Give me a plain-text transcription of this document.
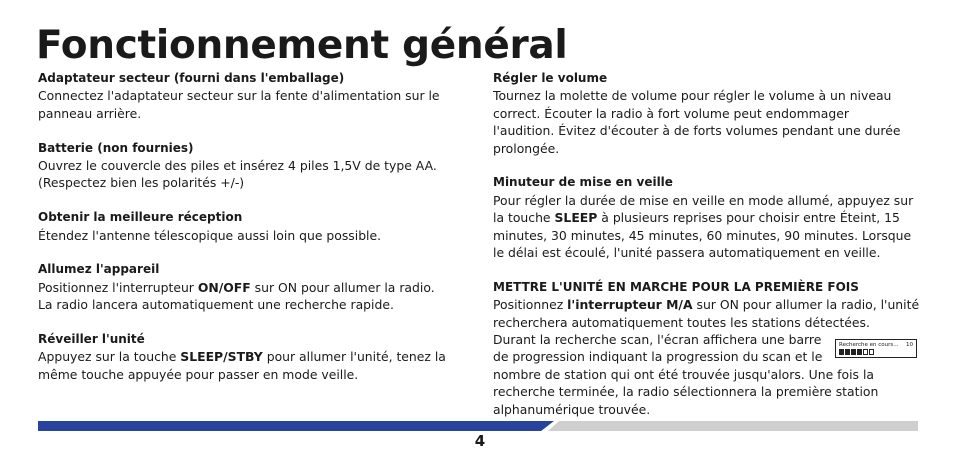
Fonctionnement général
Adaptateur secteur (fourni dans l'emballage)
Connectez l'adaptateur secteur sur la fente d'alimentation sur le
panneau arrière.
Batterie (non fournies)
Ouvrez le couvercle des piles et insérez 4 piles 1,5V de type AA.
(Respectez bien les polarités +/-)
Obtenir la meilleure réception
Étendez l'antenne télescopique aussi loin que possible.
Allumez l'appareil
Positionnez l'interrupteur ON/OFF sur ON pour allumer la radio.
La radio lancera automatiquement une recherche rapide.
Réveiller l'unité
Appuyez sur la touche SLEEP/STBY pour allumer l'unité, tenez la
même touche appuyée pour passer en mode veille.
Régler le volume
Tournez la molette de volume pour régler le volume à un niveau
correct. Écouter la radio à fort volume peut endommager
l'audition. Évitez d'écouter à de forts volumes pendant une durée
prolongée.
Minuteur de mise en veille
Pour régler la durée de mise en veille en mode allumé, appuyez sur
la touche SLEEP à plusieurs reprises pour choisir entre Éteint, 15
minutes, 30 minutes, 45 minutes, 60 minutes, 90 minutes. Lorsque
le délai est écoulé, l'unité passera automatiquement en veille.
METTRE L'UNITÉ EN MARCHE POUR LA PREMIÈRE FOIS
Positionnez l'interrupteur M/A sur ON pour allumer la radio, l'unité
recherchera automatiquement toutes les stations détectées.
Durant la recherche scan, l'écran affichera une barre
de progression indiquant la progression du scan et le
nombre de station qui ont été trouvée jusqu'alors. Une fois la
recherche terminée, la radio sélectionnera la première station
alphanumérique trouvée.
Recherche en cours... 10
4
